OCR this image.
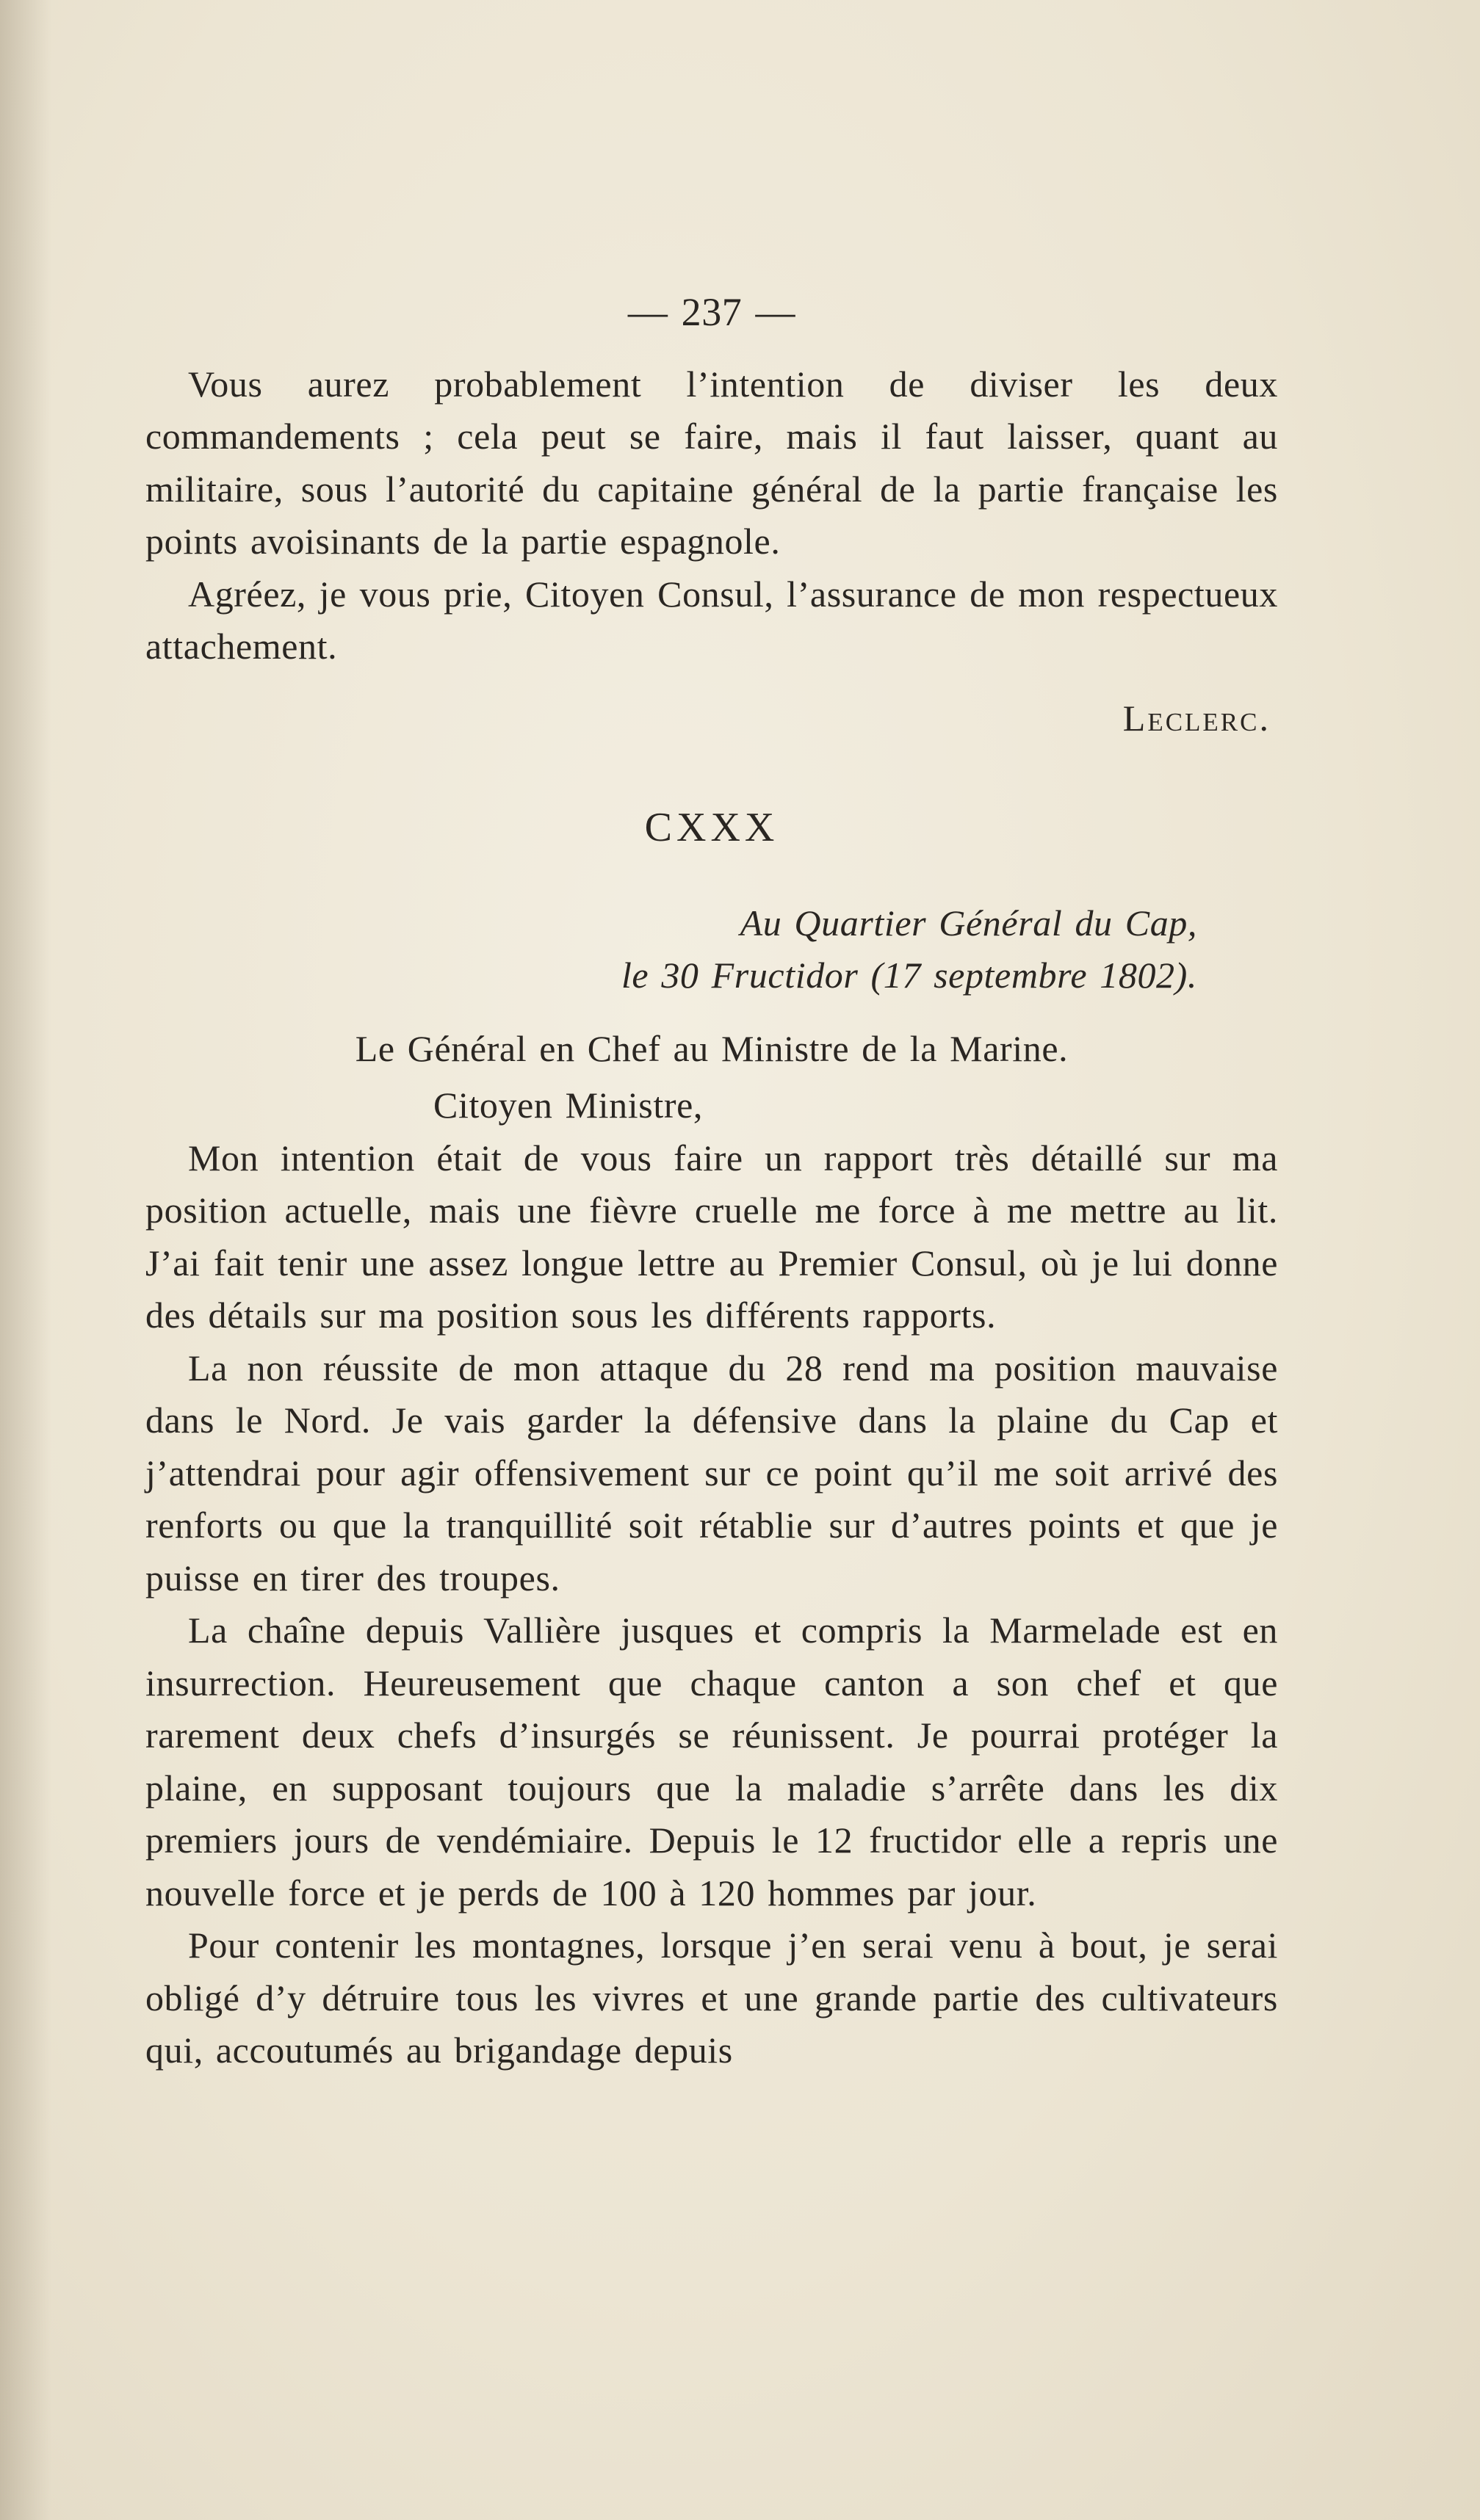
— 237 —

Vous aurez probablement l’intention de diviser les deux commandements ; cela peut se faire, mais il faut laisser, quant au militaire, sous l’autorité du capitaine général de la partie française les points avoisinants de la partie espagnole.

Agréez, je vous prie, Citoyen Consul, l’assurance de mon respectueux attachement.

Leclerc.

CXXX

Au Quartier Général du Cap,

le 30 Fructidor (17 septembre 1802).

Le Général en Chef au Ministre de la Marine.

Citoyen Ministre,

Mon intention était de vous faire un rapport très détaillé sur ma position actuelle, mais une fièvre cruelle me force à me mettre au lit. J’ai fait tenir une assez longue lettre au Premier Consul, où je lui donne des détails sur ma position sous les différents rapports.

La non réussite de mon attaque du 28 rend ma position mauvaise dans le Nord. Je vais garder la défensive dans la plaine du Cap et j’attendrai pour agir offensivement sur ce point qu’il me soit arrivé des renforts ou que la tranquillité soit rétablie sur d’autres points et que je puisse en tirer des troupes.

La chaîne depuis Vallière jusques et compris la Marmelade est en insurrection. Heureusement que chaque canton a son chef et que rarement deux chefs d’insurgés se réunissent. Je pourrai protéger la plaine, en supposant toujours que la maladie s’arrête dans les dix premiers jours de vendémiaire. Depuis le 12 fructidor elle a repris une nouvelle force et je perds de 100 à 120 hommes par jour.

Pour contenir les montagnes, lorsque j’en serai venu à bout, je serai obligé d’y détruire tous les vivres et une grande partie des cultivateurs qui, accoutumés au brigandage depuis
